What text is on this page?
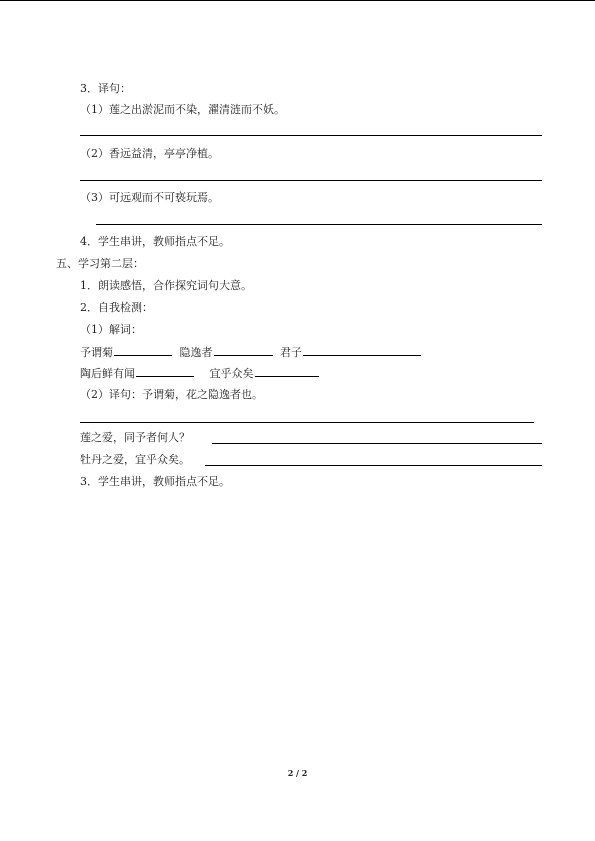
3．译句：
（1）莲之出淤泥而不染，濯清涟而不妖。
（2）香远益清，亭亭净植。
（3）可远观而不可亵玩焉。
4．学生串讲，教师指点不足。
五、学习第二层：
1．朗读感悟，合作探究词句大意。
2．自我检测：
（1）解词：
予谓菊	隐逸者	君子
陶后鲜有闻	宜乎众矣
（2）译句：予谓菊，花之隐逸者也。
莲之爱，同予者何人？
牡丹之爱，宜乎众矣。
3．学生串讲，教师指点不足。
2 / 2
